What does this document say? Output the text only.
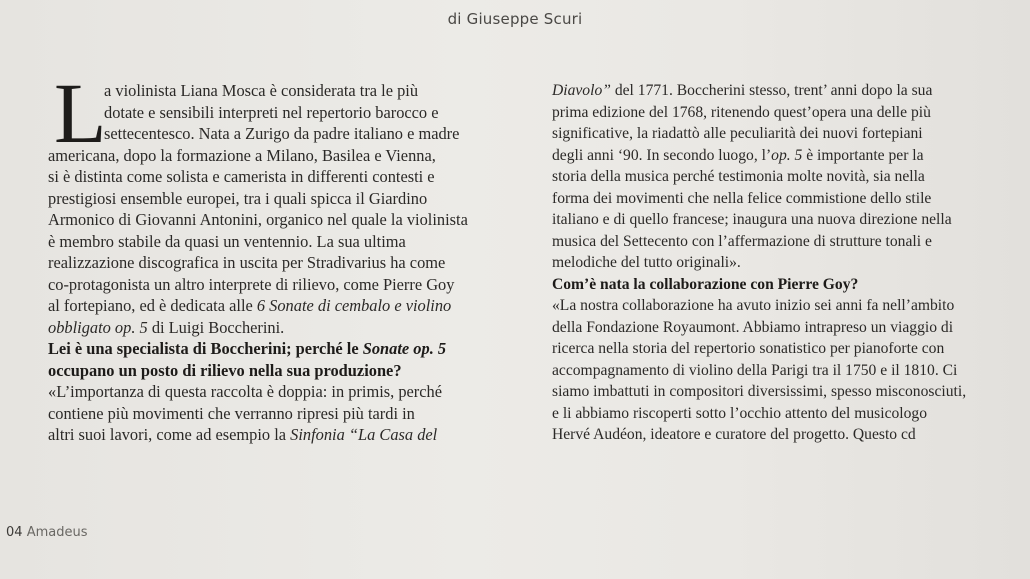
di Giuseppe Scuri
L
a violinista Liana Mosca è considerata tra le più
dotate e sensibili interpreti nel repertorio barocco e
settecentesco. Nata a Zurigo da padre italiano e madre
americana, dopo la formazione a Milano, Basilea e Vienna,
si è distinta come solista e camerista in differenti contesti e
prestigiosi ensemble europei, tra i quali spicca il Giardino
Armonico di Giovanni Antonini, organico nel quale la violinista
è membro stabile da quasi un ventennio. La sua ultima
realizzazione discografica in uscita per Stradivarius ha come
co-protagonista un altro interprete di rilievo, come Pierre Goy
al fortepiano, ed è dedicata alle 6 Sonate di cembalo e violino
obbligato op. 5 di Luigi Boccherini.
Lei è una specialista di Boccherini; perché le Sonate op. 5
occupano un posto di rilievo nella sua produzione?
«L’importanza di questa raccolta è doppia: in primis, perché
contiene più movimenti che verranno ripresi più tardi in
altri suoi lavori, come ad esempio la Sinfonia “La Casa del
Diavolo” del 1771. Boccherini stesso, trent’ anni dopo la sua
prima edizione del 1768, ritenendo quest’opera una delle più
significative, la riadattò alle peculiarità dei nuovi fortepiani
degli anni ‘90. In secondo luogo, l’op. 5 è importante per la
storia della musica perché testimonia molte novità, sia nella
forma dei movimenti che nella felice commistione dello stile
italiano e di quello francese; inaugura una nuova direzione nella
musica del Settecento con l’affermazione di strutture tonali e
melodiche del tutto originali».
Com’è nata la collaborazione con Pierre Goy?
«La nostra collaborazione ha avuto inizio sei anni fa nell’ambito
della Fondazione Royaumont. Abbiamo intrapreso un viaggio di
ricerca nella storia del repertorio sonatistico per pianoforte con
accompagnamento di violino della Parigi tra il 1750 e il 1810. Ci
siamo imbattuti in compositori diversissimi, spesso misconosciuti,
e li abbiamo riscoperti sotto l’occhio attento del musicologo
Hervé Audéon, ideatore e curatore del progetto. Questo cd
04 Amadeus
